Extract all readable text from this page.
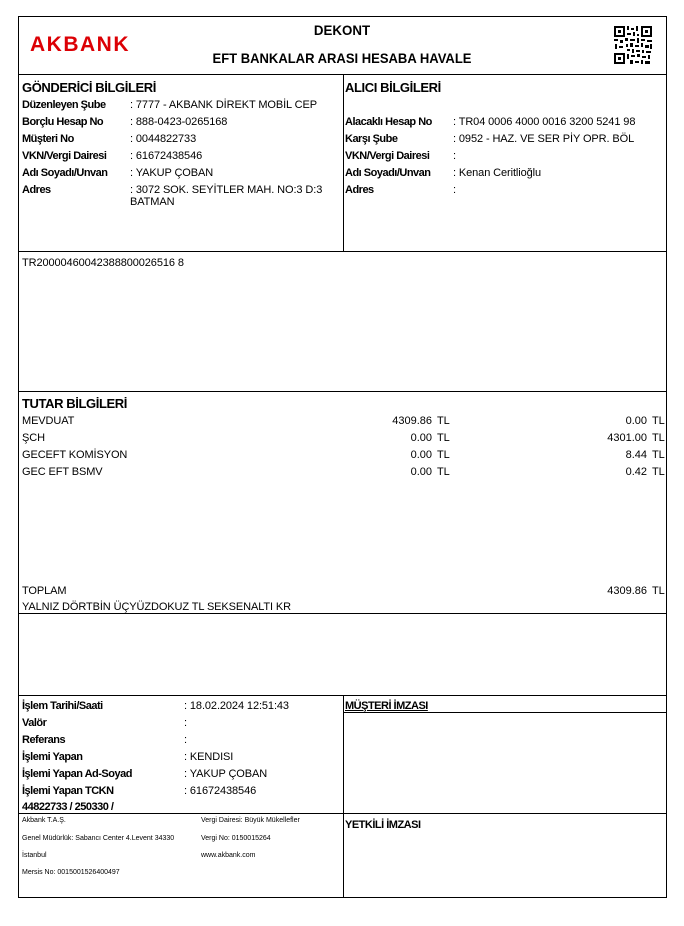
AKBANK
DEKONT
EFT BANKALAR ARASI HESABA HAVALE
GÖNDERİCİ BİLGİLERİ
Düzenleyen Şube : 7777 - AKBANK DİREKT MOBİL CEP
Borçlu Hesap No : 888-0423-0265168
Müşteri No	: 0044822733
VKN/Vergi Dairesi : 61672438546
Adı Soyadı/Unvan : YAKUP ÇOBAN
Adres	: 3072 SOK. SEYİTLER MAH. NO:3 D:3
BATMAN
ALICI BİLGİLERİ
Alacaklı Hesap No : TR04 0006 4000 0016 3200 5241 98
Karşı Şube	: 0952 - HAZ. VE SER PİY OPR. BÖL
VKN/Vergi Dairesi :
Adı Soyadı/Unvan : Kenan Ceritlioğlu
Adres	:
TR20000460042388800026516 8
TUTAR BİLGİLERİ
MEVDUAT	4309.86 TL	0.00 TL
ŞCH	0.00 TL	4301.00 TL
GECEFT KOMİSYON	0.00 TL	8.44 TL
GEC EFT BSMV	0.00 TL	0.42 TL
TOPLAM	4309.86 TL
YALNIZ DÖRTBİN ÜÇYÜZDOKUZ TL SEKSENALTI KR
İşlem Tarihi/Saati	: 18.02.2024 12:51:43
Valör	:
Referans	:
İşlemi Yapan	: KENDISI
İşlemi Yapan Ad-Soyad	: YAKUP ÇOBAN
İşlemi Yapan TCKN	: 61672438546
44822733 / 250330 /
MÜŞTERİ İMZASI
YETKİLİ İMZASI
Akbank T.A.Ş.
Genel Müdürlük: Sabancı Center 4.Levent 34330
İstanbul
Mersis No: 0015001526400497
Vergi Dairesi: Büyük Mükellefler
Vergi No: 0150015264
www.akbank.com
